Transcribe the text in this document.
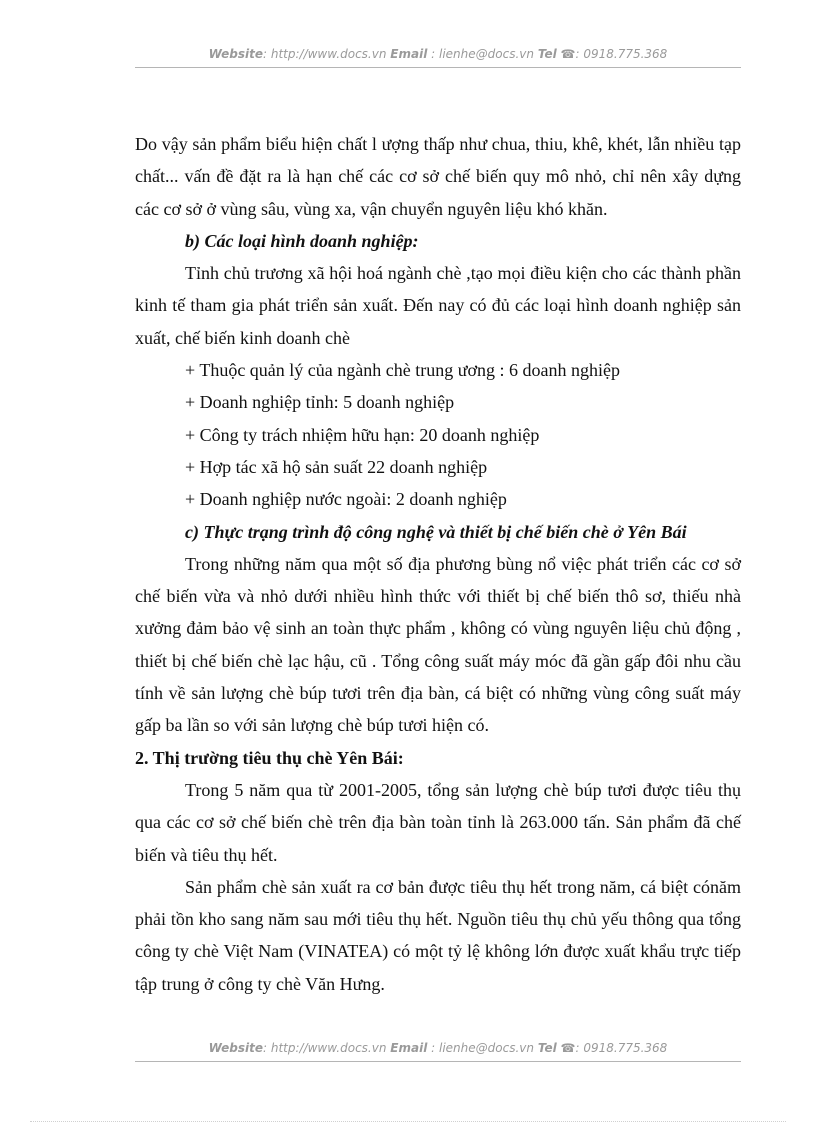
Website: http://www.docs.vn Email : lienhe@docs.vn Tel ☎: 0918.775.368

Do vậy sản phẩm biểu hiện chất l ượng thấp như chua, thiu, khê, khét, lẫn nhiều tạp chất... vấn đề đặt ra là hạn chế các cơ sở chế biến quy mô nhỏ, chỉ nên xây dựng các cơ sở ở vùng sâu, vùng xa, vận chuyển nguyên liệu khó khăn.

b) Các loại hình doanh nghiệp:

Tỉnh chủ trương xã hội hoá ngành chè ,tạo mọi điều kiện cho các thành phần kinh tế tham gia phát triển sản xuất. Đến nay có đủ các loại hình doanh nghiệp sản xuất, chế biến kinh doanh chè

+ Thuộc quản lý của ngành chè trung ương : 6 doanh nghiệp

+ Doanh nghiệp tỉnh: 5 doanh nghiệp

+ Công ty trách nhiệm hữu hạn: 20 doanh nghiệp

+ Hợp tác xã hộ sản suất 22 doanh nghiệp

+ Doanh nghiệp nước ngoài: 2 doanh nghiệp

c) Thực trạng trình độ công nghệ và thiết bị chế biến chè ở Yên Bái

Trong những năm qua một số địa phương bùng nổ việc phát triển các cơ sở chế biến vừa và nhỏ dưới nhiều hình thức với thiết bị chế biến thô sơ, thiếu nhà xưởng đảm bảo vệ sinh an toàn thực phẩm , không có vùng nguyên liệu chủ động , thiết bị chế biến chè lạc hậu, cũ . Tổng công suất máy móc đã gần gấp đôi nhu cầu tính về sản lượng chè búp tươi trên địa bàn, cá biệt có những vùng công suất máy gấp ba lần so với sản lượng chè búp tươi hiện có.

2. Thị trường tiêu thụ chè Yên Bái:

Trong 5 năm qua từ 2001-2005, tổng sản lượng chè búp tươi được tiêu thụ qua các cơ sở chế biến chè trên địa bàn toàn tỉnh là 263.000 tấn. Sản phẩm đã chế biến và tiêu thụ hết.

Sản phẩm chè sản xuất ra cơ bản được tiêu thụ hết trong năm, cá biệt cónăm phải tồn kho sang năm sau mới tiêu thụ hết. Nguồn tiêu thụ chủ yếu thông qua tổng công ty chè Việt Nam (VINATEA) có một tỷ lệ không lớn được xuất khẩu trực tiếp tập trung ở công ty chè Văn Hưng.

Website: http://www.docs.vn Email : lienhe@docs.vn Tel ☎: 0918.775.368
